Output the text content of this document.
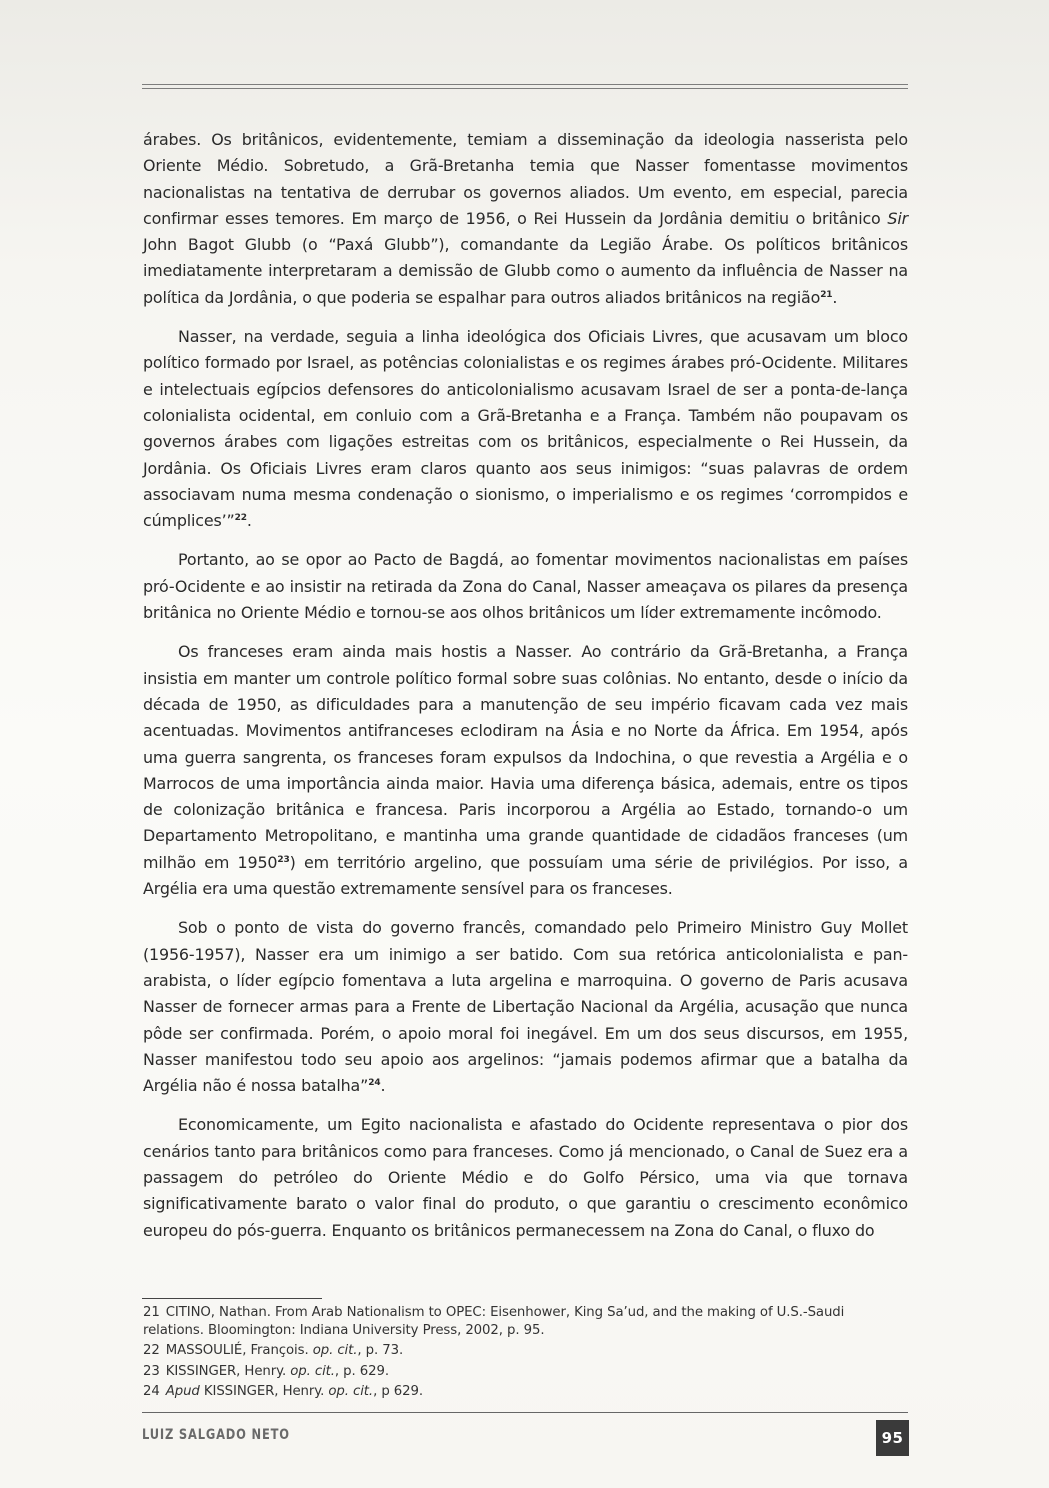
árabes. Os britânicos, evidentemente, temiam a disseminação da ideologia nasserista pelo Oriente Médio. Sobretudo, a Grã-Bretanha temia que Nasser fomentasse movimentos nacionalistas na tentativa de derrubar os governos aliados. Um evento, em especial, parecia confirmar esses temores. Em março de 1956, o Rei Hussein da Jordânia demitiu o britânico Sir John Bagot Glubb (o “Paxá Glubb”), comandante da Legião Árabe. Os políticos britânicos imediatamente interpretaram a demissão de Glubb como o aumento da influência de Nasser na política da Jordânia, o que poderia se espalhar para outros aliados britânicos na região$^{21}$.

Nasser, na verdade, seguia a linha ideológica dos Oficiais Livres, que acusavam um bloco político formado por Israel, as potências colonialistas e os regimes árabes pró-Ocidente. Militares e intelectuais egípcios defensores do anticolonialismo acusavam Israel de ser a ponta-de-lança colonialista ocidental, em conluio com a Grã-Bretanha e a França. Também não poupavam os governos árabes com ligações estreitas com os britânicos, especialmente o Rei Hussein, da Jordânia. Os Oficiais Livres eram claros quanto aos seus inimigos: “suas palavras de ordem associavam numa mesma condenação o sionismo, o imperialismo e os regimes ‘corrompidos e cúmplices’”$^{22}$.

Portanto, ao se opor ao Pacto de Bagdá, ao fomentar movimentos nacionalistas em países pró-Ocidente e ao insistir na retirada da Zona do Canal, Nasser ameaçava os pilares da presença britânica no Oriente Médio e tornou-se aos olhos britânicos um líder extremamente incômodo.

Os franceses eram ainda mais hostis a Nasser. Ao contrário da Grã-Bretanha, a França insistia em manter um controle político formal sobre suas colônias. No entanto, desde o início da década de 1950, as dificuldades para a manutenção de seu império ficavam cada vez mais acentuadas. Movimentos antifranceses eclodiram na Ásia e no Norte da África. Em 1954, após uma guerra sangrenta, os franceses foram expulsos da Indochina, o que revestia a Argélia e o Marrocos de uma importância ainda maior. Havia uma diferença básica, ademais, entre os tipos de colonização britânica e francesa. Paris incorporou a Argélia ao Estado, tornando-o um Departamento Metropolitano, e mantinha uma grande quantidade de cidadãos franceses (um milhão em 1950$^{23}$) em território argelino, que possuíam uma série de privilégios. Por isso, a Argélia era uma questão extremamente sensível para os franceses.

Sob o ponto de vista do governo francês, comandado pelo Primeiro Ministro Guy Mollet (1956-1957), Nasser era um inimigo a ser batido. Com sua retórica anticolonialista e pan-arabista, o líder egípcio fomentava a luta argelina e marroquina. O governo de Paris acusava Nasser de fornecer armas para a Frente de Libertação Nacional da Argélia, acusação que nunca pôde ser confirmada. Porém, o apoio moral foi inegável. Em um dos seus discursos, em 1955, Nasser manifestou todo seu apoio aos argelinos: “jamais podemos afirmar que a batalha da Argélia não é nossa batalha”$^{24}$.

Economicamente, um Egito nacionalista e afastado do Ocidente representava o pior dos cenários tanto para britânicos como para franceses. Como já mencionado, o Canal de Suez era a passagem do petróleo do Oriente Médio e do Golfo Pérsico, uma via que tornava significativamente barato o valor final do produto, o que garantiu o crescimento econômico europeu do pós-guerra. Enquanto os britânicos permanecessem na Zona do Canal, o fluxo do

21 CITINO, Nathan. From Arab Nationalism to OPEC: Eisenhower, King Sa’ud, and the making of U.S.-Saudi relations. Bloomington: Indiana University Press, 2002, p. 95.
22 MASSOULIÉ, François. op. cit., p. 73.
23 KISSINGER, Henry. op. cit., p. 629.
24 Apud KISSINGER, Henry. op. cit., p 629.
LUIZ SALGADO NETO	95
